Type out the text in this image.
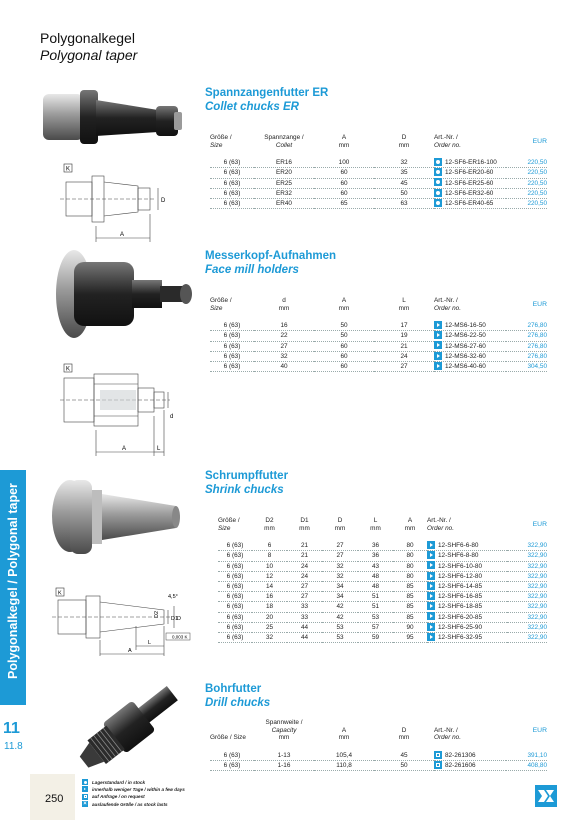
Polygonalkegel
Polygonal taper
K
A
D
Spannzangenfutter ER
Collet chucks ER
Größe /
Size	Spannzange /
Collet	A
mm	D
mm	Art.-Nr. /
Order no.	EUR

6 (63)	ER16	100	32	12-SF6-ER16-100	220,50
6 (63)	ER20	60	35	12-SF6-ER20-60	220,50
6 (63)	ER25	60	45	12-SF6-ER25-60	220,50
6 (63)	ER32	60	50	12-SF6-ER32-60	220,50
6 (63)	ER40	65	63	12-SF6-ER40-65	220,50
K
A	L
d
Messerkopf-Aufnahmen
Face mill holders
Größe /
Size	d
mm	A
mm	L
mm	Art.-Nr. /
Order no.	EUR

6 (63)	16	50	17	12-MS6-16-50	276,80
6 (63)	22	50	19	12-MS6-22-50	276,80
6 (63)	27	60	21	12-MS6-27-60	276,80
6 (63)	32	60	24	12-MS6-32-60	276,80
6 (63)	40	60	27	12-MS6-40-60	304,50
K
4,5°
D2
D1
D
L
A
0,003 K
Schrumpffutter
Shrink chucks
Größe /
Size	D2
mm	D1
mm	D
mm	L
mm	A
mm	Art.-Nr. /
Order no.	EUR

6 (63)	6	21	27	36	80	12-SHF6-6-80	322,90
6 (63)	8	21	27	36	80	12-SHF6-8-80	322,90
6 (63)	10	24	32	43	80	12-SHF6-10-80	322,90
6 (63)	12	24	32	48	80	12-SHF6-12-80	322,90
6 (63)	14	27	34	48	85	12-SHF6-14-85	322,90
6 (63)	16	27	34	51	85	12-SHF6-16-85	322,90
6 (63)	18	33	42	51	85	12-SHF6-18-85	322,90
6 (63)	20	33	42	53	85	12-SHF6-20-85	322,90
6 (63)	25	44	53	57	90	12-SHF6-25-90	322,90
6 (63)	32	44	53	59	95	12-SHF6-32-95	322,90
Bohrfutter
Drill chucks
Größe / Size	Spannweite /
Capacity
mm	A
mm	D
mm	Art.-Nr. /
Order no.	EUR

6 (63)	1-13	105,4	45	82-261306	391,10
6 (63)	1-16	110,8	50	82-261606	408,80
Polygonalkegel / Polygonal taper
11
11.8
250
Lagerstandard / in stock
innerhalb weniger Tage / within a few days
auf Anfrage / on request
×
auslaufende Größe / as stock lasts
